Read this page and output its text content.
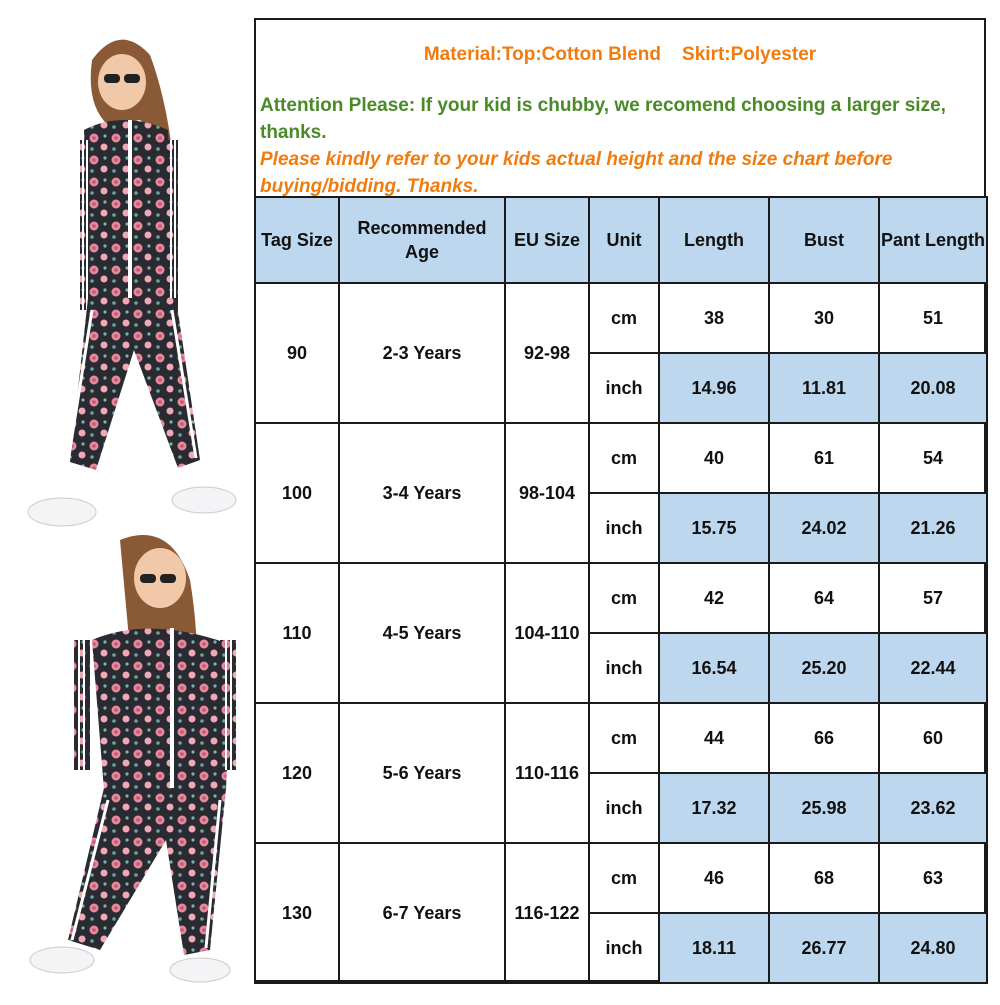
Material:Top:Cotton Blend    Skirt:Polyester
Attention Please: If your kid is chubby, we recomend choosing a larger size, thanks.
Please kindly refer to your kids actual height and the size chart before buying/bidding. Thanks.
Tag Size	Recommended Age	EU Size	Unit	Length	Bust	Pant Length
90	2-3 Years	92-98	cm	38	30	51
			inch	14.96	11.81	20.08
100	3-4 Years	98-104	cm	40	61	54
			inch	15.75	24.02	21.26
110	4-5 Years	104-110	cm	42	64	57
			inch	16.54	25.20	22.44
120	5-6 Years	110-116	cm	44	66	60
			inch	17.32	25.98	23.62
130	6-7 Years	116-122	cm	46	68	63
			inch	18.11	26.77	24.80
